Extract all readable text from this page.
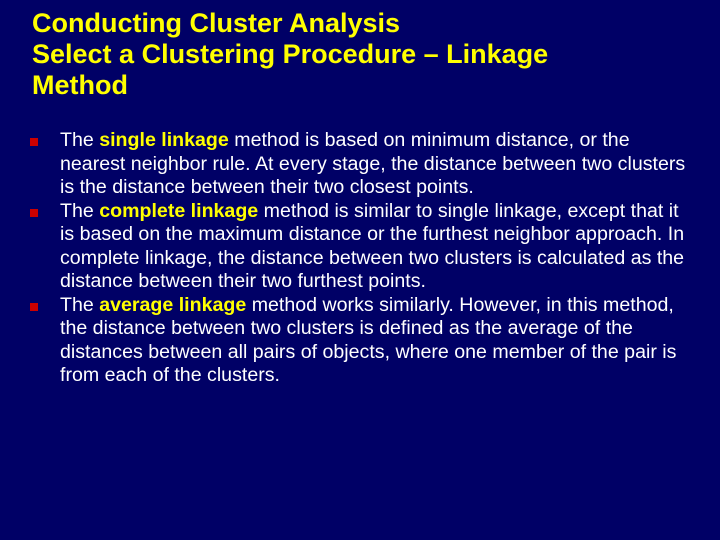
Conducting Cluster Analysis
Select a Clustering Procedure – Linkage
Method
The single linkage method is based on minimum distance, or the nearest neighbor rule. At every stage, the distance between two clusters is the distance between their two closest points.
The complete linkage method is similar to single linkage, except that it is based on the maximum distance or the furthest neighbor approach. In complete linkage, the distance between two clusters is calculated as the distance between their two furthest points.
The average linkage method works similarly. However, in this method, the distance between two clusters is defined as the average of the distances between all pairs of objects, where one member of the pair is from each of the clusters.
